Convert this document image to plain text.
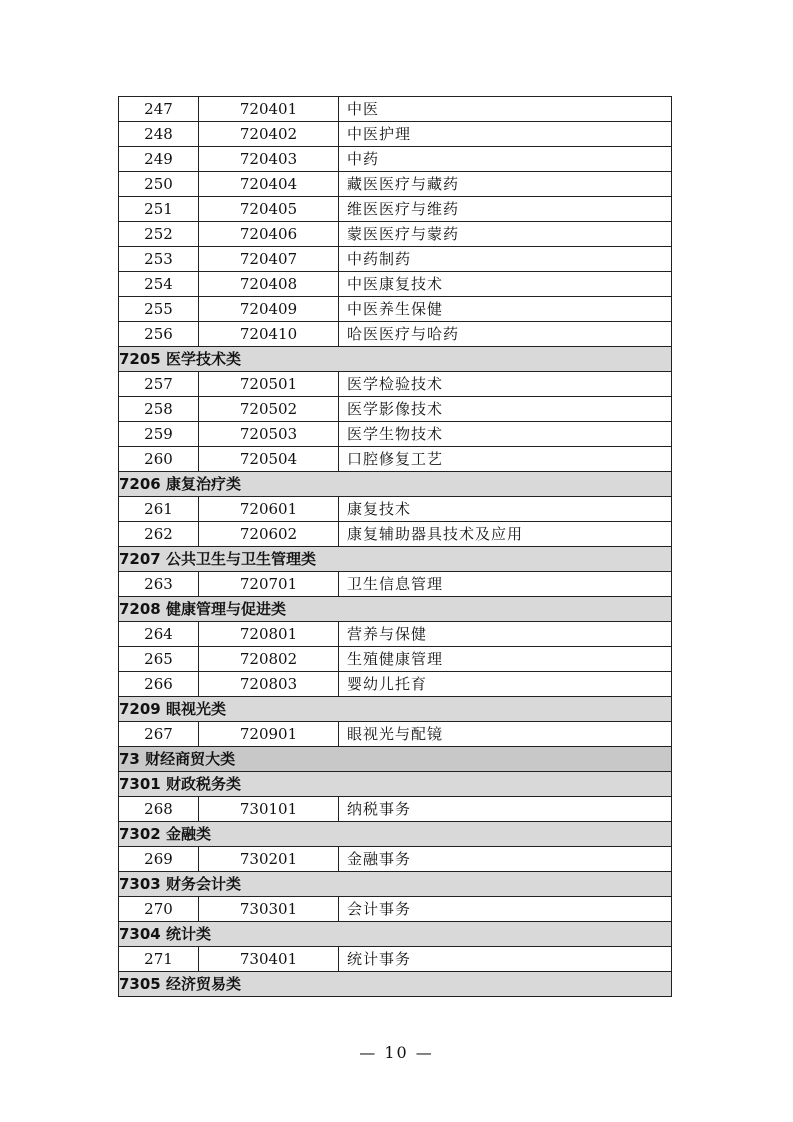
247	720401	中医
248	720402	中医护理
249	720403	中药
250	720404	藏医医疗与藏药
251	720405	维医医疗与维药
252	720406	蒙医医疗与蒙药
253	720407	中药制药
254	720408	中医康复技术
255	720409	中医养生保健
256	720410	哈医医疗与哈药
7205 医学技术类		
257	720501	医学检验技术
258	720502	医学影像技术
259	720503	医学生物技术
260	720504	口腔修复工艺
7206 康复治疗类		
261	720601	康复技术
262	720602	康复辅助器具技术及应用
7207 公共卫生与卫生管理类		
263	720701	卫生信息管理
7208 健康管理与促进类		
264	720801	营养与保健
265	720802	生殖健康管理
266	720803	婴幼儿托育
7209 眼视光类		
267	720901	眼视光与配镜
73 财经商贸大类		
7301 财政税务类		
268	730101	纳税事务
7302 金融类		
269	730201	金融事务
7303 财务会计类		
270	730301	会计事务
7304 统计类		
271	730401	统计事务
7305 经济贸易类		
— 10 —
